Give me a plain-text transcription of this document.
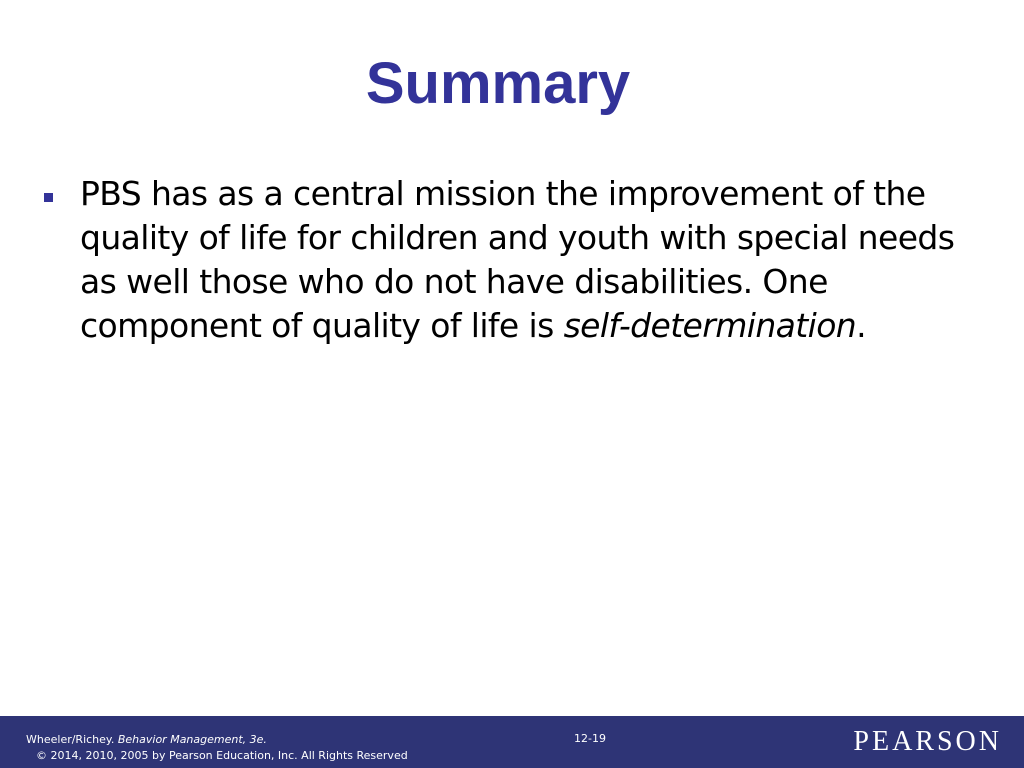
Summary
PBS has as a central mission the improvement of the quality of life for children and youth with special needs as well those who do not have disabilities. One component of quality of life is self-determination.
Wheeler/Richey. Behavior Management, 3e.
© 2014, 2010, 2005 by Pearson Education, Inc. All Rights Reserved
12-19	PEARSON
